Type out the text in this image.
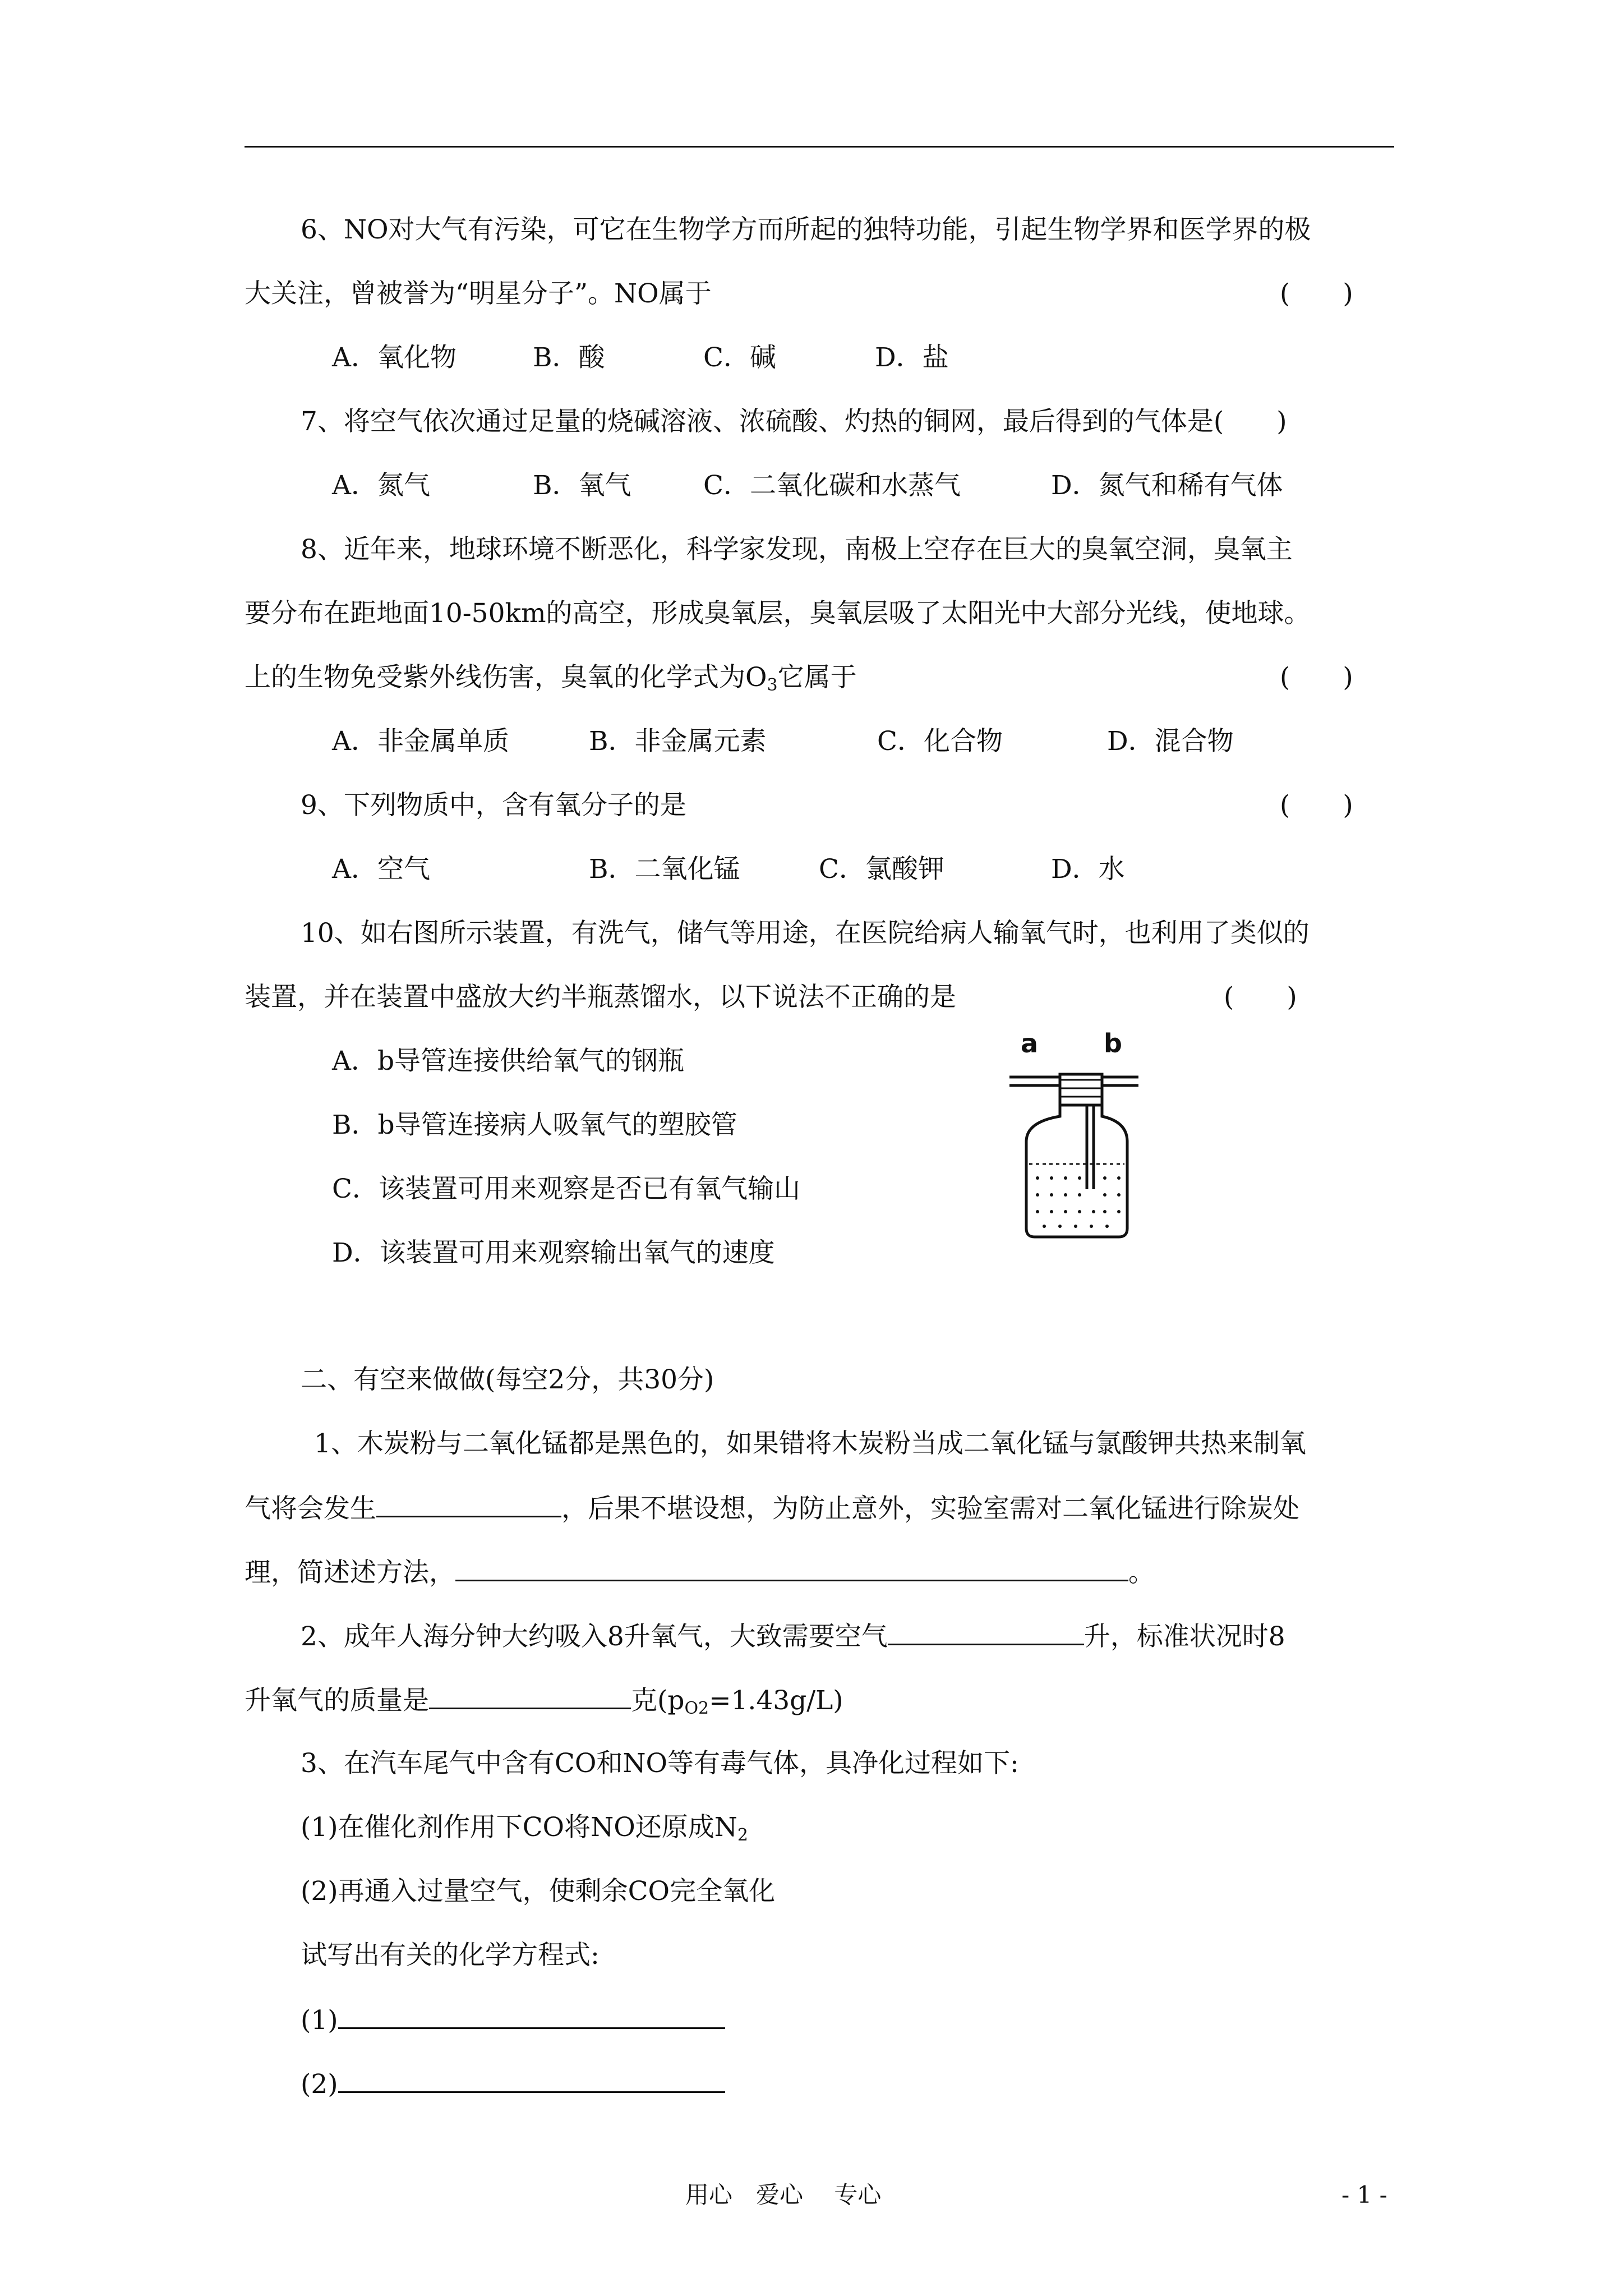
6、NO对大气有污染，可它在生物学方而所起的独特功能，引起生物学界和医学界的极
大关注，曾被誉为“明星分子”。NO属于	(　　)
A．氧化物	B．酸	C．碱	D．盐
7、将空气依次通过足量的烧碱溶液、浓硫酸、灼热的铜网，最后得到的气体是(　　)
A．氮气	B．氧气	C．二氧化碳和水蒸气	D．氮气和稀有气体
8、近年来，地球环境不断恶化，科学家发现，南极上空存在巨大的臭氧空洞，臭氧主
要分布在距地面10-50km的高空，形成臭氧层，臭氧层吸了太阳光中大部分光线，使地球。
上的生物免受紫外线伤害，臭氧的化学式为$O_3$它属于	(　　)
A．非金属单质	B．非金属元素	C．化合物	D．混合物
9、下列物质中，含有氧分子的是	(　　)
A．空气	B．二氧化锰	C．氯酸钾	D．水
10、如右图所示装置，有洗气，储气等用途，在医院给病人输氧气时，也利用了类似的
装置，并在装置中盛放大约半瓶蒸馏水，以下说法不正确的是	(　　)
A．b导管连接供给氧气的钢瓶
B．b导管连接病人吸氧气的塑胶管
C．该装置可用来观察是否已有氧气输山
D．该装置可用来观察输出氧气的速度
a	b
二、有空来做做(每空2分，共30分)
1、木炭粉与二氧化锰都是黑色的，如果错将木炭粉当成二氧化锰与氯酸钾共热来制氧
气将会发生	，后果不堪设想，为防止意外，实验室需对二氧化锰进行除炭处
理，简述述方法，	。
2、成年人海分钟大约吸入8升氧气，大致需要空气	升，标准状况时8
升氧气的质量是	克$(p_{O2}=1.43g/L)$
3、在汽车尾气中含有CO和NO等有毒气体，具净化过程如下:
(1)在催化剂作用下CO将NO还原成$N_2$
(2)再通入过量空气，使剩余CO完全氧化
试写出有关的化学方程式:
(1)
(2)
用心　爱心　 专心	- 1 -
